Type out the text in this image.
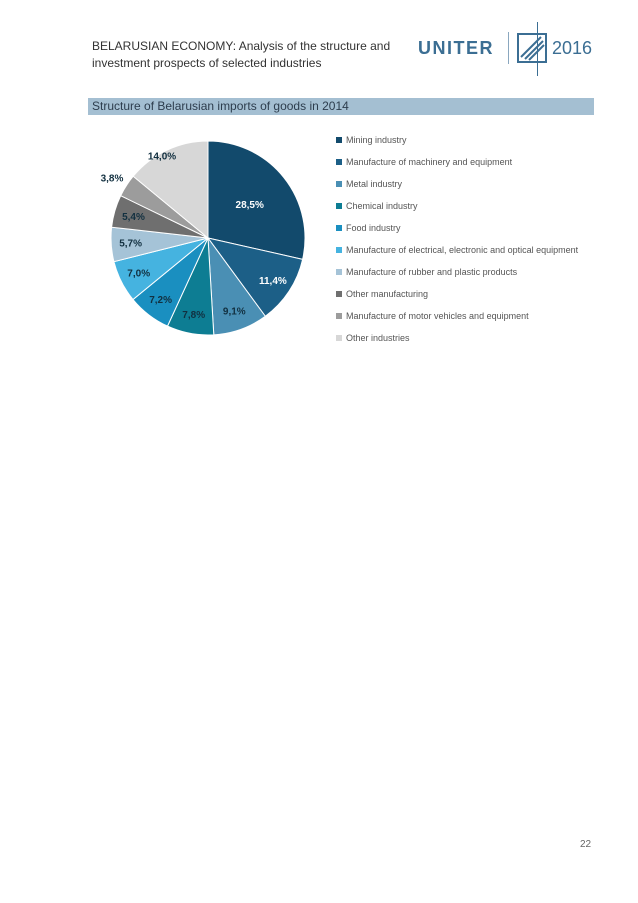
BELARUSIAN ECONOMY: Analysis of the structure and investment prospects of selected industries
UNITER	2016
Structure of Belarusian imports of goods in 2014
28,5%
11,4%
9,1%
7,8%
7,2%
7,0%
5,7%
5,4%
3,8%
14,0%
Mining industry
Manufacture of machinery and equipment
Metal industry
Chemical industry
Food industry
Manufacture of electrical, electronic and optical equipment
Manufacture of rubber and plastic products
Other manufacturing
Manufacture of motor vehicles and equipment
Other industries
22
